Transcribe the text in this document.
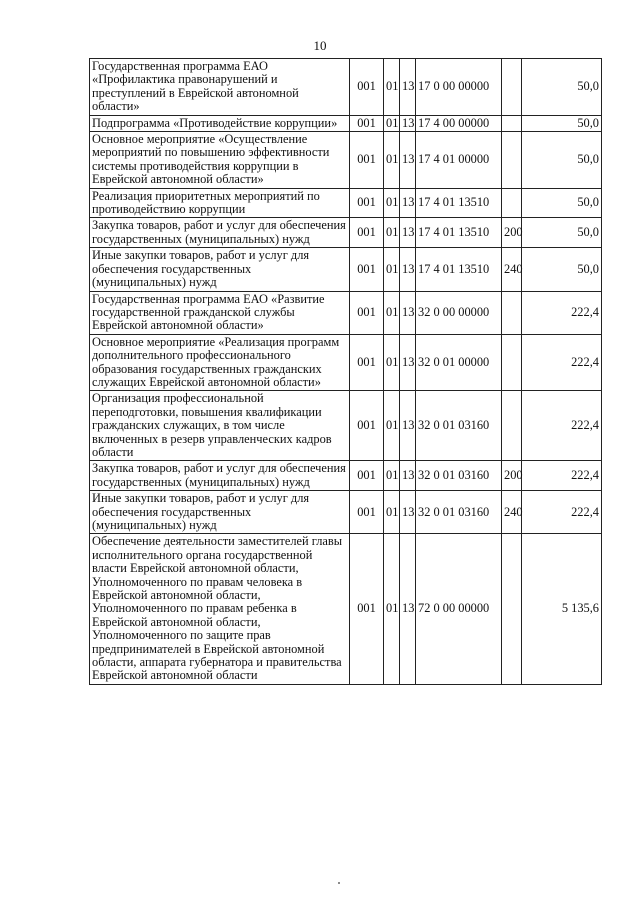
10
Государственная программа ЕАО «Профилактика правонарушений и преступлений в Еврейской автономной области»	001	01	13	17 0 00 00000		50,0
Подпрограмма «Противодействие коррупции»	001	01	13	17 4 00 00000		50,0
Основное мероприятие «Осуществление мероприятий по повышению эффективности системы противодействия коррупции в Еврейской автономной области»	001	01	13	17 4 01 00000		50,0
Реализация приоритетных мероприятий по противодействию коррупции	001	01	13	17 4 01 13510		50,0
Закупка товаров, работ и услуг для обеспечения государственных (муниципальных) нужд	001	01	13	17 4 01 13510	200	50,0
Иные закупки товаров, работ и услуг для обеспечения государственных (муниципальных) нужд	001	01	13	17 4 01 13510	240	50,0
Государственная программа ЕАО «Развитие государственной гражданской службы Еврейской автономной области»	001	01	13	32 0 00 00000		222,4
Основное мероприятие «Реализация программ дополнительного профессионального образования государственных гражданских служащих Еврейской автономной области»	001	01	13	32 0 01 00000		222,4
Организация профессиональной переподготовки, повышения квалификации гражданских служащих, в том числе включенных в резерв управленческих кадров области	001	01	13	32 0 01 03160		222,4
Закупка товаров, работ и услуг для обеспечения государственных (муниципальных) нужд	001	01	13	32 0 01 03160	200	222,4
Иные закупки товаров, работ и услуг для обеспечения государственных (муниципальных) нужд	001	01	13	32 0 01 03160	240	222,4
Обеспечение деятельности заместителей главы исполнительного органа государственной власти Еврейской автономной области, Уполномоченного по правам человека в Еврейской автономной области, Уполномоченного по правам ребенка в Еврейской автономной области, Уполномоченного по защите прав предпринимателей в Еврейской автономной области, аппарата губернатора и правительства Еврейской автономной области	001	01	13	72 0 00 00000		5 135,6
